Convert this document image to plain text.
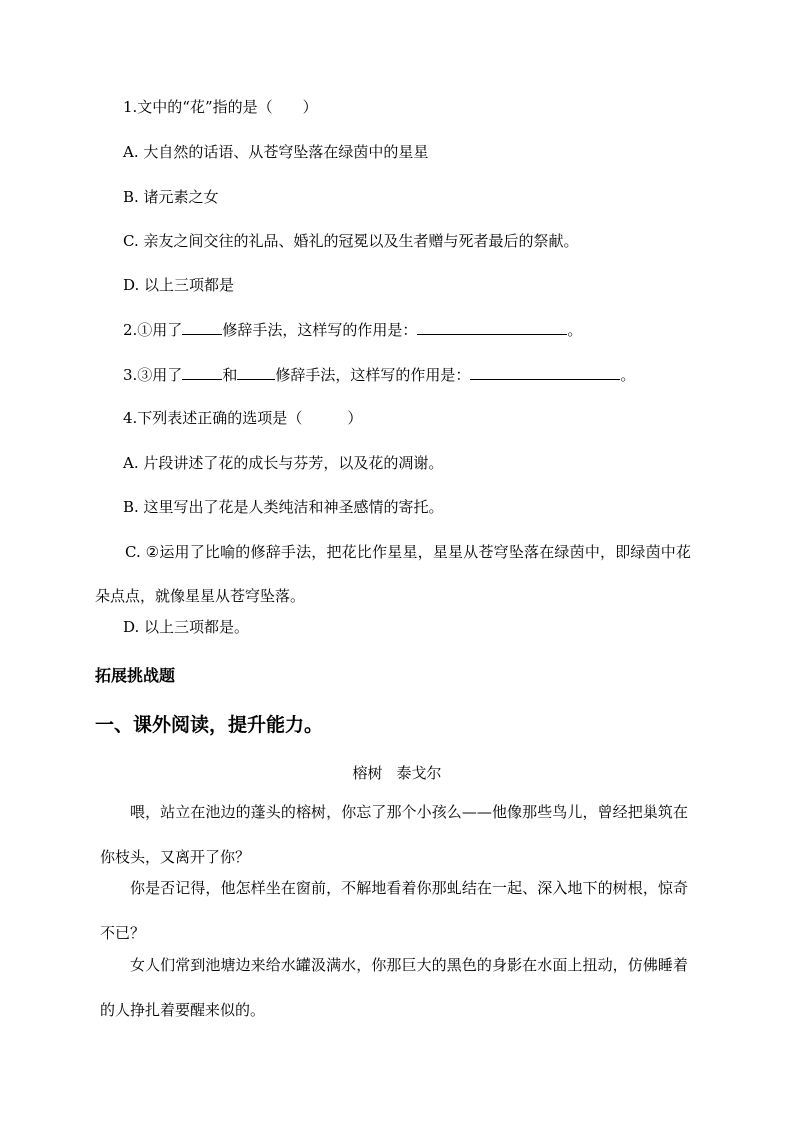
1.文中的“花”指的是（　　）

A. 大自然的话语、从苍穹坠落在绿茵中的星星

B. 诸元素之女

C. 亲友之间交往的礼品、婚礼的冠冕以及生者赠与死者最后的祭献。

D. 以上三项都是

2.①用了	修辞手法，这样写的作用是：	。

3.③用了	和	修辞手法，这样写的作用是：	。

4.下列表述正确的选项是（　　　）

A. 片段讲述了花的成长与芬芳，以及花的凋谢。

B. 这里写出了花是人类纯洁和神圣感情的寄托。

C. ②运用了比喻的修辞手法，把花比作星星，星星从苍穹坠落在绿茵中，即绿茵中花朵点点，就像星星从苍穹坠落。

D. 以上三项都是。

拓展挑战题

一、课外阅读，提升能力。

榕树 泰戈尔

喂，站立在池边的蓬头的榕树，你忘了那个小孩么——他像那些鸟儿，曾经把巢筑在你枝头，又离开了你？

你是否记得，他怎样坐在窗前，不解地看着你那虬结在一起、深入地下的树根，惊奇不已？

女人们常到池塘边来给水罐汲满水，你那巨大的黑色的身影在水面上扭动，仿佛睡着的人挣扎着要醒来似的。
